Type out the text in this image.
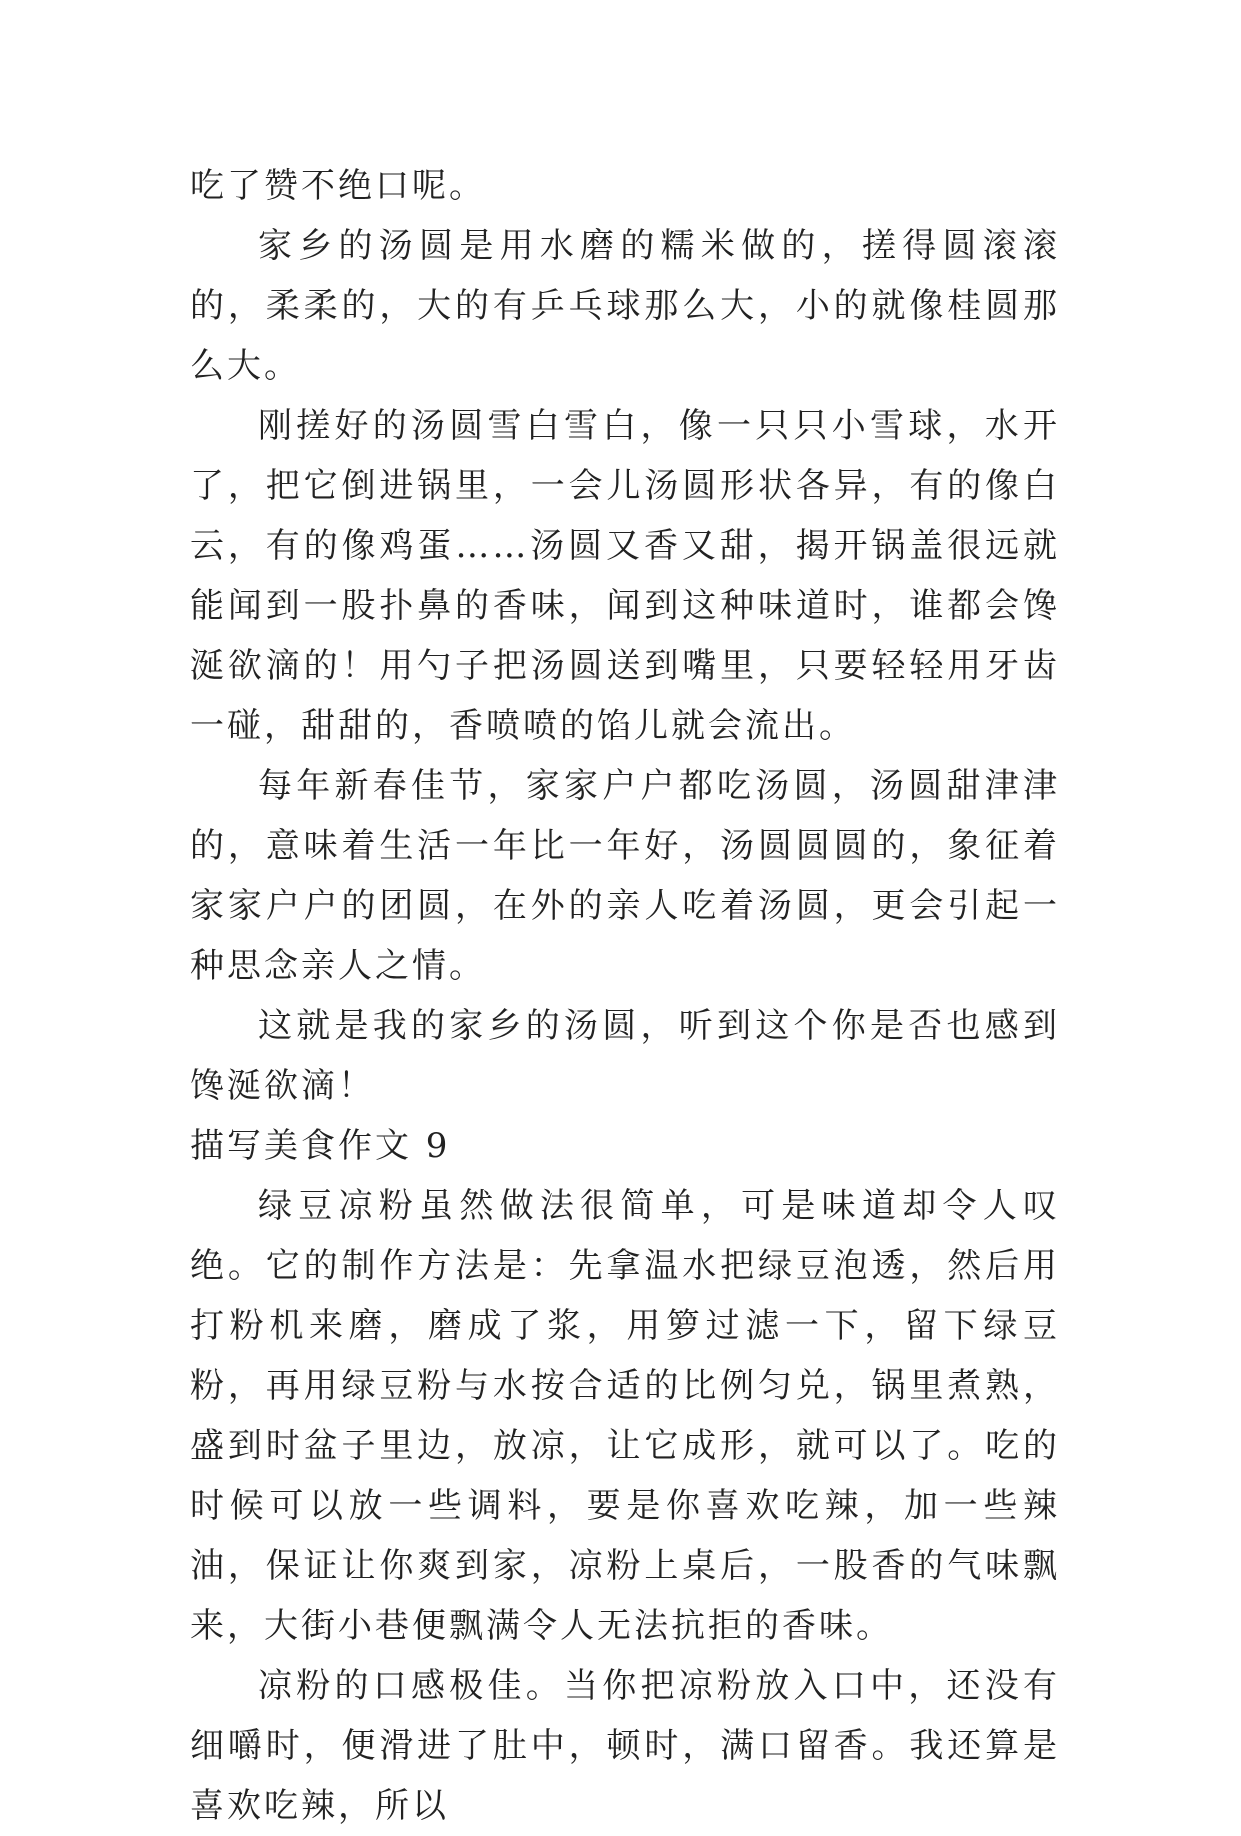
吃了赞不绝口呢。

家乡的汤圆是用水磨的糯米做的，搓得圆滚滚的，柔柔的，大的有乒乓球那么大，小的就像桂圆那么大。

刚搓好的汤圆雪白雪白，像一只只小雪球，水开了，把它倒进锅里，一会儿汤圆形状各异，有的像白云，有的像鸡蛋……汤圆又香又甜，揭开锅盖很远就能闻到一股扑鼻的香味，闻到这种味道时，谁都会馋涎欲滴的！用勺子把汤圆送到嘴里，只要轻轻用牙齿一碰，甜甜的，香喷喷的馅儿就会流出。

每年新春佳节，家家户户都吃汤圆，汤圆甜津津的，意味着生活一年比一年好，汤圆圆圆的，象征着家家户户的团圆，在外的亲人吃着汤圆，更会引起一种思念亲人之情。

这就是我的家乡的汤圆，听到这个你是否也感到馋涎欲滴！

描写美食作文 9

绿豆凉粉虽然做法很简单，可是味道却令人叹绝。它的制作方法是：先拿温水把绿豆泡透，然后用打粉机来磨，磨成了浆，用箩过滤一下，留下绿豆粉，再用绿豆粉与水按合适的比例匀兑，锅里煮熟，盛到时盆子里边，放凉，让它成形，就可以了。吃的时候可以放一些调料，要是你喜欢吃辣，加一些辣油，保证让你爽到家，凉粉上桌后，一股香的气味飘来，大街小巷便飘满令人无法抗拒的香味。

凉粉的口感极佳。当你把凉粉放入口中，还没有细嚼时，便滑进了肚中，顿时，满口留香。我还算是喜欢吃辣，所以
